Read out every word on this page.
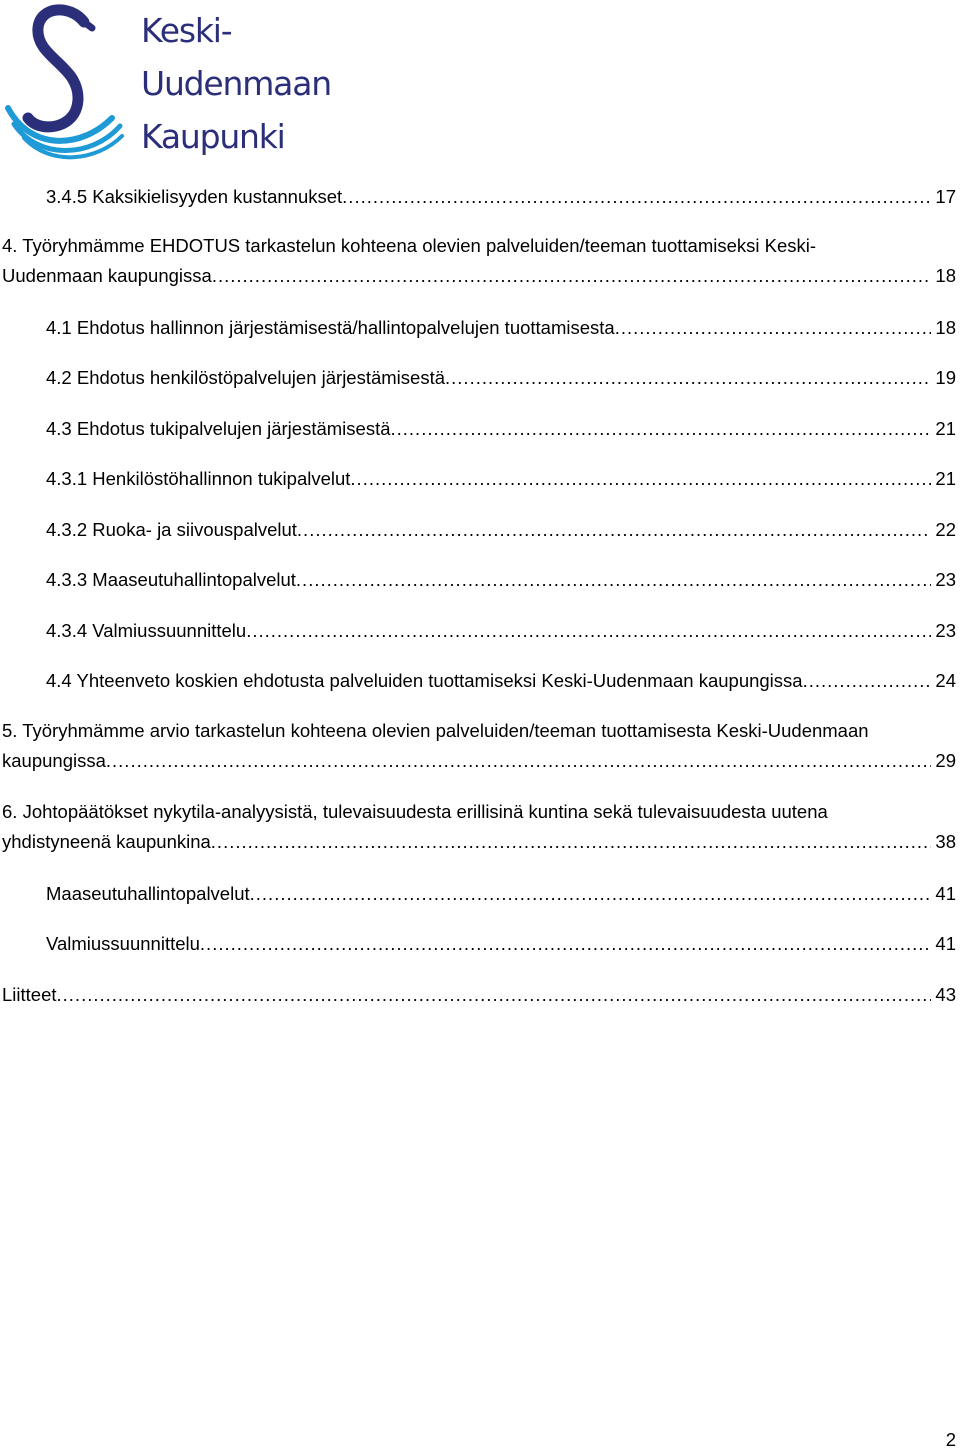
Keski-
Uudenmaan
Kaupunki
3.4.5 Kaksikielisyyden kustannukset .....	17
4. Työryhmämme EHDOTUS tarkastelun kohteena olevien palveluiden/teeman tuottamiseksi Keski-
Uudenmaan kaupungissa .....	18
4.1 Ehdotus hallinnon järjestämisestä/hallintopalvelujen tuottamisesta .....	18
4.2 Ehdotus henkilöstöpalvelujen järjestämisestä .....	19
4.3 Ehdotus tukipalvelujen järjestämisestä .....	21
4.3.1 Henkilöstöhallinnon tukipalvelut .....	21
4.3.2 Ruoka- ja siivouspalvelut .....	22
4.3.3 Maaseutuhallintopalvelut .....	23
4.3.4 Valmiussuunnittelu .....	23
4.4 Yhteenveto koskien ehdotusta palveluiden tuottamiseksi Keski-Uudenmaan kaupungissa .....	24
5. Työryhmämme arvio tarkastelun kohteena olevien palveluiden/teeman tuottamisesta Keski-Uudenmaan
kaupungissa .....	29
6. Johtopäätökset nykytila-analyysistä, tulevaisuudesta erillisinä kuntina sekä tulevaisuudesta uutena
yhdistyneenä kaupunkina .....	38
Maaseutuhallintopalvelut .....	41
Valmiussuunnittelu .....	41
Liitteet .....	43
2
